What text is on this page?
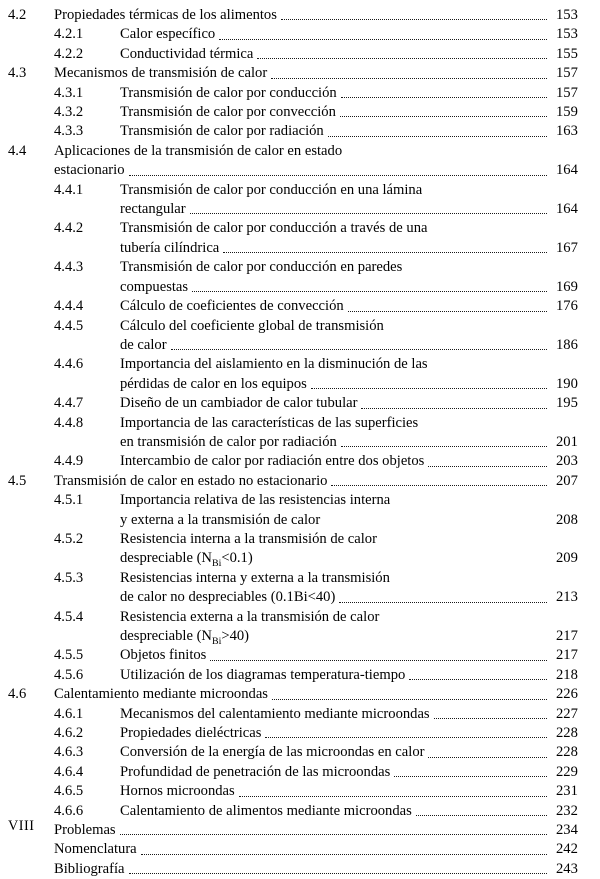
4.2	Propiedades térmicas de los alimentos	153
4.2.1	Calor específico	153
4.2.2	Conductividad térmica	155
4.3	Mecanismos de transmisión de calor	157
4.3.1	Transmisión de calor por conducción	157
4.3.2	Transmisión de calor por convección	159
4.3.3	Transmisión de calor por radiación	163
4.4	Aplicaciones de la transmisión de calor en estado
estacionario	164
4.4.1	Transmisión de calor por conducción en una lámina
rectangular	164
4.4.2	Transmisión de calor por conducción a través de una
tubería cilíndrica	167
4.4.3	Transmisión de calor por conducción en paredes
compuestas	169
4.4.4	Cálculo de coeficientes de convección	176
4.4.5	Cálculo del coeficiente global de transmisión
de calor	186
4.4.6	Importancia del aislamiento en la disminución de las
pérdidas de calor en los equipos	190
4.4.7	Diseño de un cambiador de calor tubular	195
4.4.8	Importancia de las características de las superficies
en transmisión de calor por radiación	201
4.4.9	Intercambio de calor por radiación entre dos objetos	203
4.5	Transmisión de calor en estado no estacionario	207
4.5.1	Importancia relativa de las resistencias interna
y externa a la transmisión de calor	208
4.5.2	Resistencia interna a la transmisión de calor
despreciable $(N_{Bi}<0.1)$	209
4.5.3	Resistencias interna y externa a la transmisión
de calor no despreciables (0.1Bi<40)	213
4.5.4	Resistencia externa a la transmisión de calor
despreciable $(N_{Bi}>40)$	217
4.5.5	Objetos finitos	217
4.5.6	Utilización de los diagramas temperatura-tiempo	218
4.6	Calentamiento mediante microondas	226
4.6.1	Mecanismos del calentamiento mediante microondas	227
4.6.2	Propiedades dieléctricas	228
4.6.3	Conversión de la energía de las microondas en calor	228
4.6.4	Profundidad de penetración de las microondas	229
4.6.5	Hornos microondas	231
4.6.6	Calentamiento de alimentos mediante microondas	232
Problemas	234
Nomenclatura	242
Bibliografía	243
VIII
